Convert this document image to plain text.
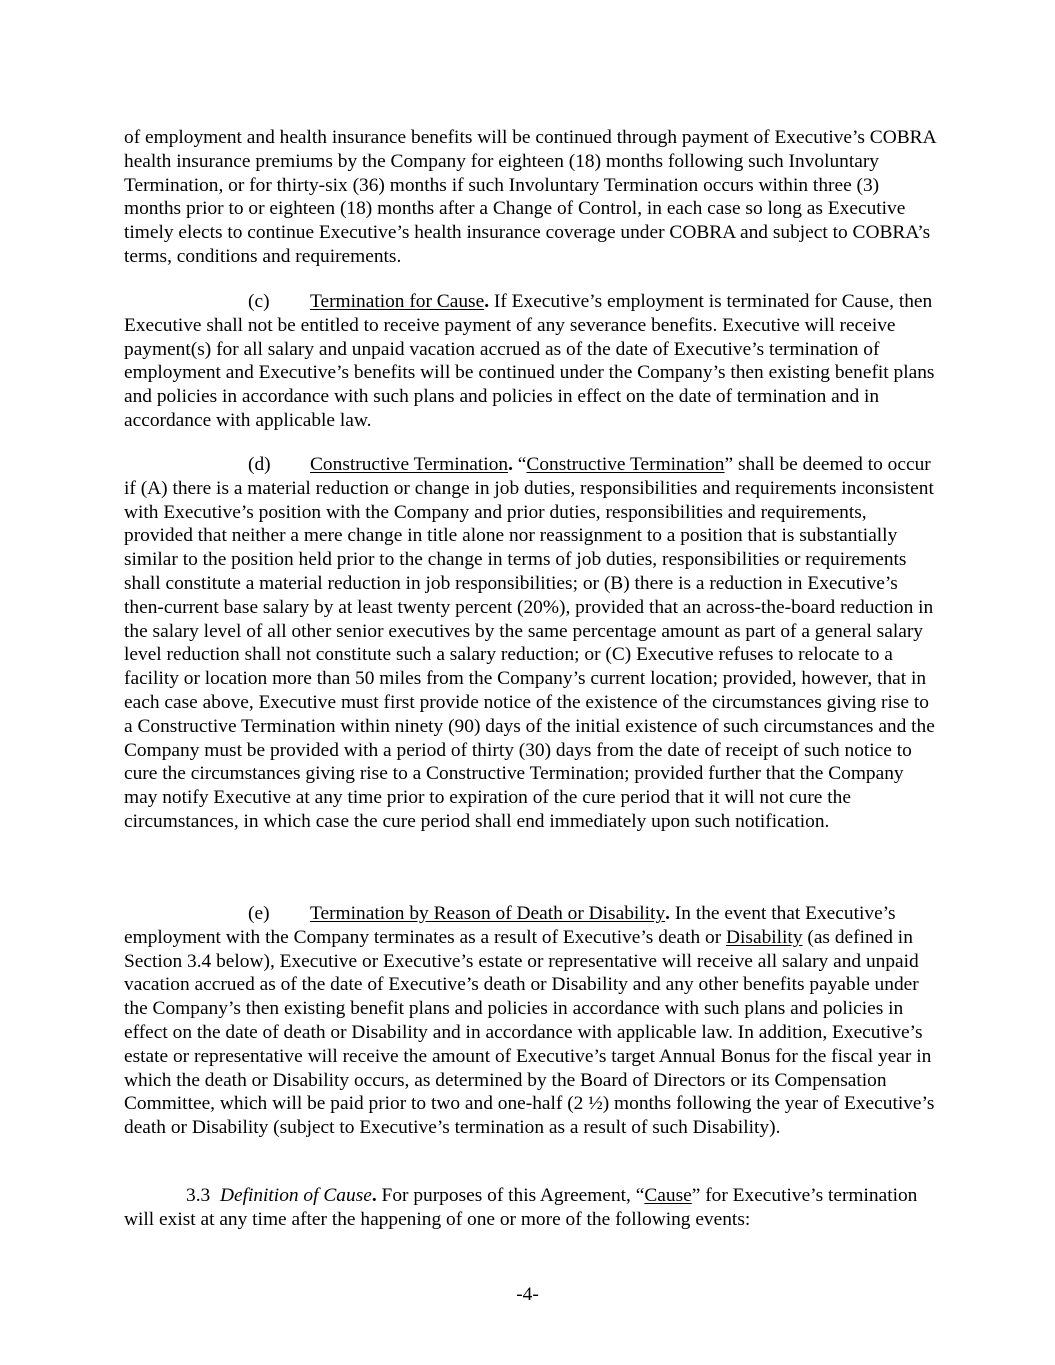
of employment and health insurance benefits will be continued through payment of Executive’s COBRA health insurance premiums by the Company for eighteen (18) months following such Involuntary Termination, or for thirty-six (36) months if such Involuntary Termination occurs within three (3) months prior to or eighteen (18) months after a Change of Control, in each case so long as Executive timely elects to continue Executive’s health insurance coverage under COBRA and subject to COBRA’s terms, conditions and requirements.

(c) Termination for Cause. If Executive’s employment is terminated for Cause, then Executive shall not be entitled to receive payment of any severance benefits. Executive will receive payment(s) for all salary and unpaid vacation accrued as of the date of Executive’s termination of employment and Executive’s benefits will be continued under the Company’s then existing benefit plans and policies in accordance with such plans and policies in effect on the date of termination and in accordance with applicable law.

(d) Constructive Termination. “Constructive Termination” shall be deemed to occur if (A) there is a material reduction or change in job duties, responsibilities and requirements inconsistent with Executive’s position with the Company and prior duties, responsibilities and requirements, provided that neither a mere change in title alone nor reassignment to a position that is substantially similar to the position held prior to the change in terms of job duties, responsibilities or requirements shall constitute a material reduction in job responsibilities; or (B) there is a reduction in Executive’s then-current base salary by at least twenty percent (20%), provided that an across-the-board reduction in the salary level of all other senior executives by the same percentage amount as part of a general salary level reduction shall not constitute such a salary reduction; or (C) Executive refuses to relocate to a facility or location more than 50 miles from the Company’s current location; provided, however, that in each case above, Executive must first provide notice of the existence of the circumstances giving rise to a Constructive Termination within ninety (90) days of the initial existence of such circumstances and the Company must be provided with a period of thirty (30) days from the date of receipt of such notice to cure the circumstances giving rise to a Constructive Termination; provided further that the Company may notify Executive at any time prior to expiration of the cure period that it will not cure the circumstances, in which case the cure period shall end immediately upon such notification.

(e) Termination by Reason of Death or Disability. In the event that Executive’s employment with the Company terminates as a result of Executive’s death or Disability (as defined in Section 3.4 below), Executive or Executive’s estate or representative will receive all salary and unpaid vacation accrued as of the date of Executive’s death or Disability and any other benefits payable under the Company’s then existing benefit plans and policies in accordance with such plans and policies in effect on the date of death or Disability and in accordance with applicable law. In addition, Executive’s estate or representative will receive the amount of Executive’s target Annual Bonus for the fiscal year in which the death or Disability occurs, as determined by the Board of Directors or its Compensation Committee, which will be paid prior to two and one-half (2 ½) months following the year of Executive’s death or Disability (subject to Executive’s termination as a result of such Disability).

3.3 Definition of Cause. For purposes of this Agreement, “Cause” for Executive’s termination will exist at any time after the happening of one or more of the following events:

-4-
